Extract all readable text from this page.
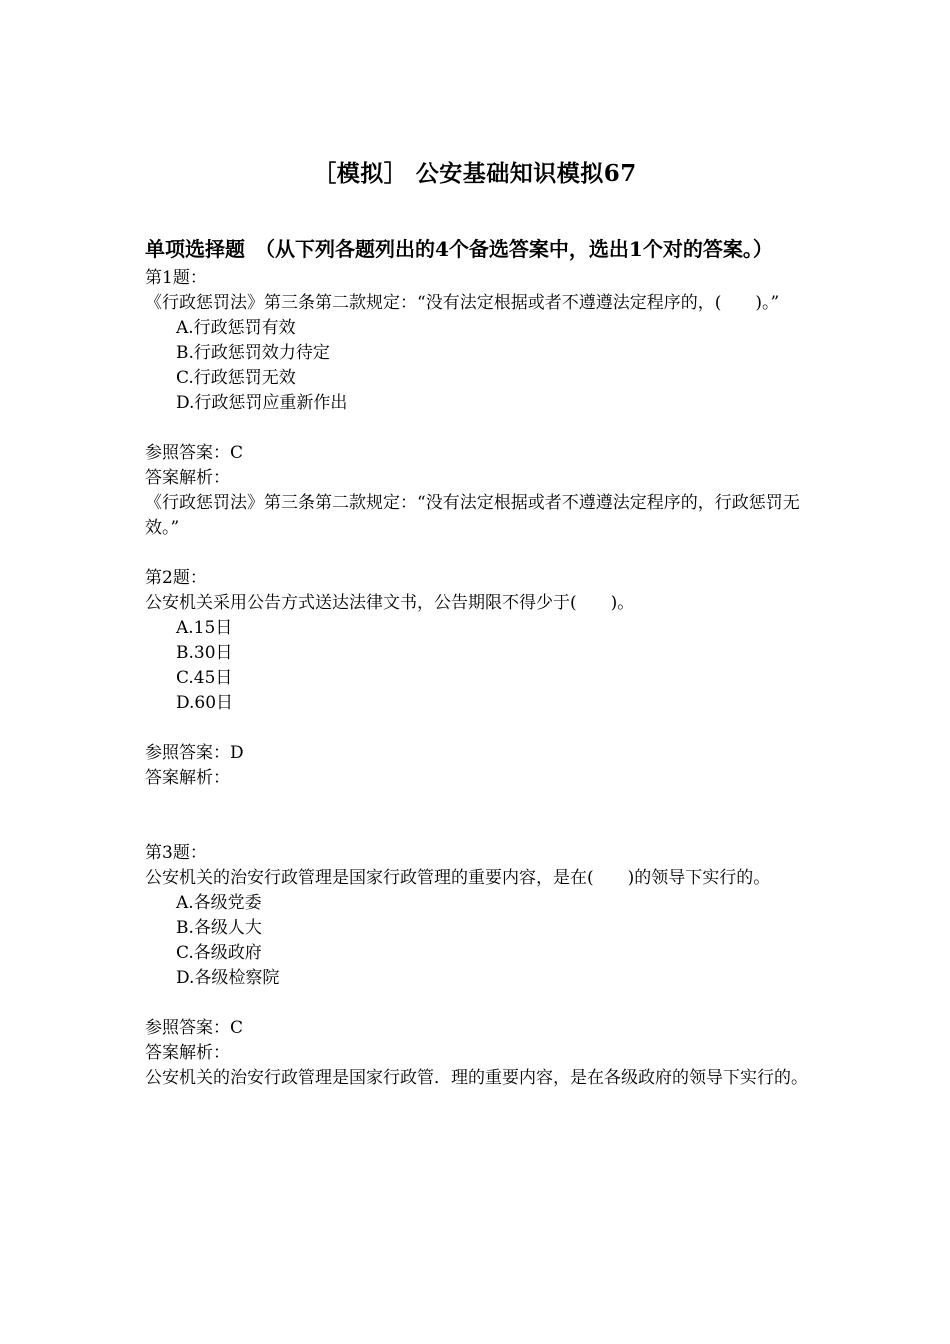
［模拟］ 公安基础知识模拟67
单项选择题　（从下列各题列出的4个备选答案中，选出1个对的答案。）
第1题：
《行政惩罚法》第三条第二款规定：“没有法定根据或者不遵遵法定程序的，(　　)。”
A.行政惩罚有效
B.行政惩罚效力待定
C.行政惩罚无效
D.行政惩罚应重新作出
参照答案：C
答案解析：
《行政惩罚法》第三条第二款规定：“没有法定根据或者不遵遵法定程序的，行政惩罚无效。”
第2题：
公安机关采用公告方式送达法律文书，公告期限不得少于(　　)。
A.15日
B.30日
C.45日
D.60日
参照答案：D
答案解析：
第3题：
公安机关的治安行政管理是国家行政管理的重要内容，是在(　　)的领导下实行的。
A.各级党委
B.各级人大
C.各级政府
D.各级检察院
参照答案：C
答案解析：
公安机关的治安行政管理是国家行政管．理的重要内容，是在各级政府的领导下实行的。
